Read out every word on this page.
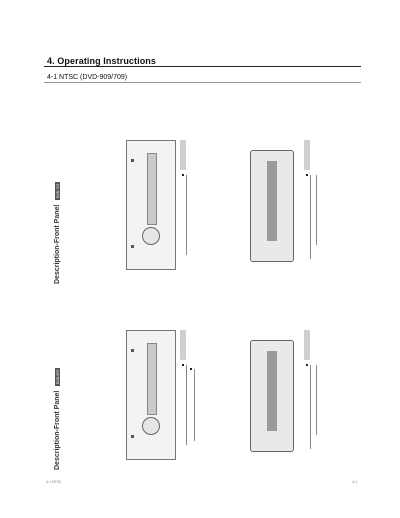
4. Operating Instructions
4-1 NTSC (DVD-909/709)
Description-Front Panel DVD-909
Description-Front Panel DVD-709
4-1 NTSC	4-1
